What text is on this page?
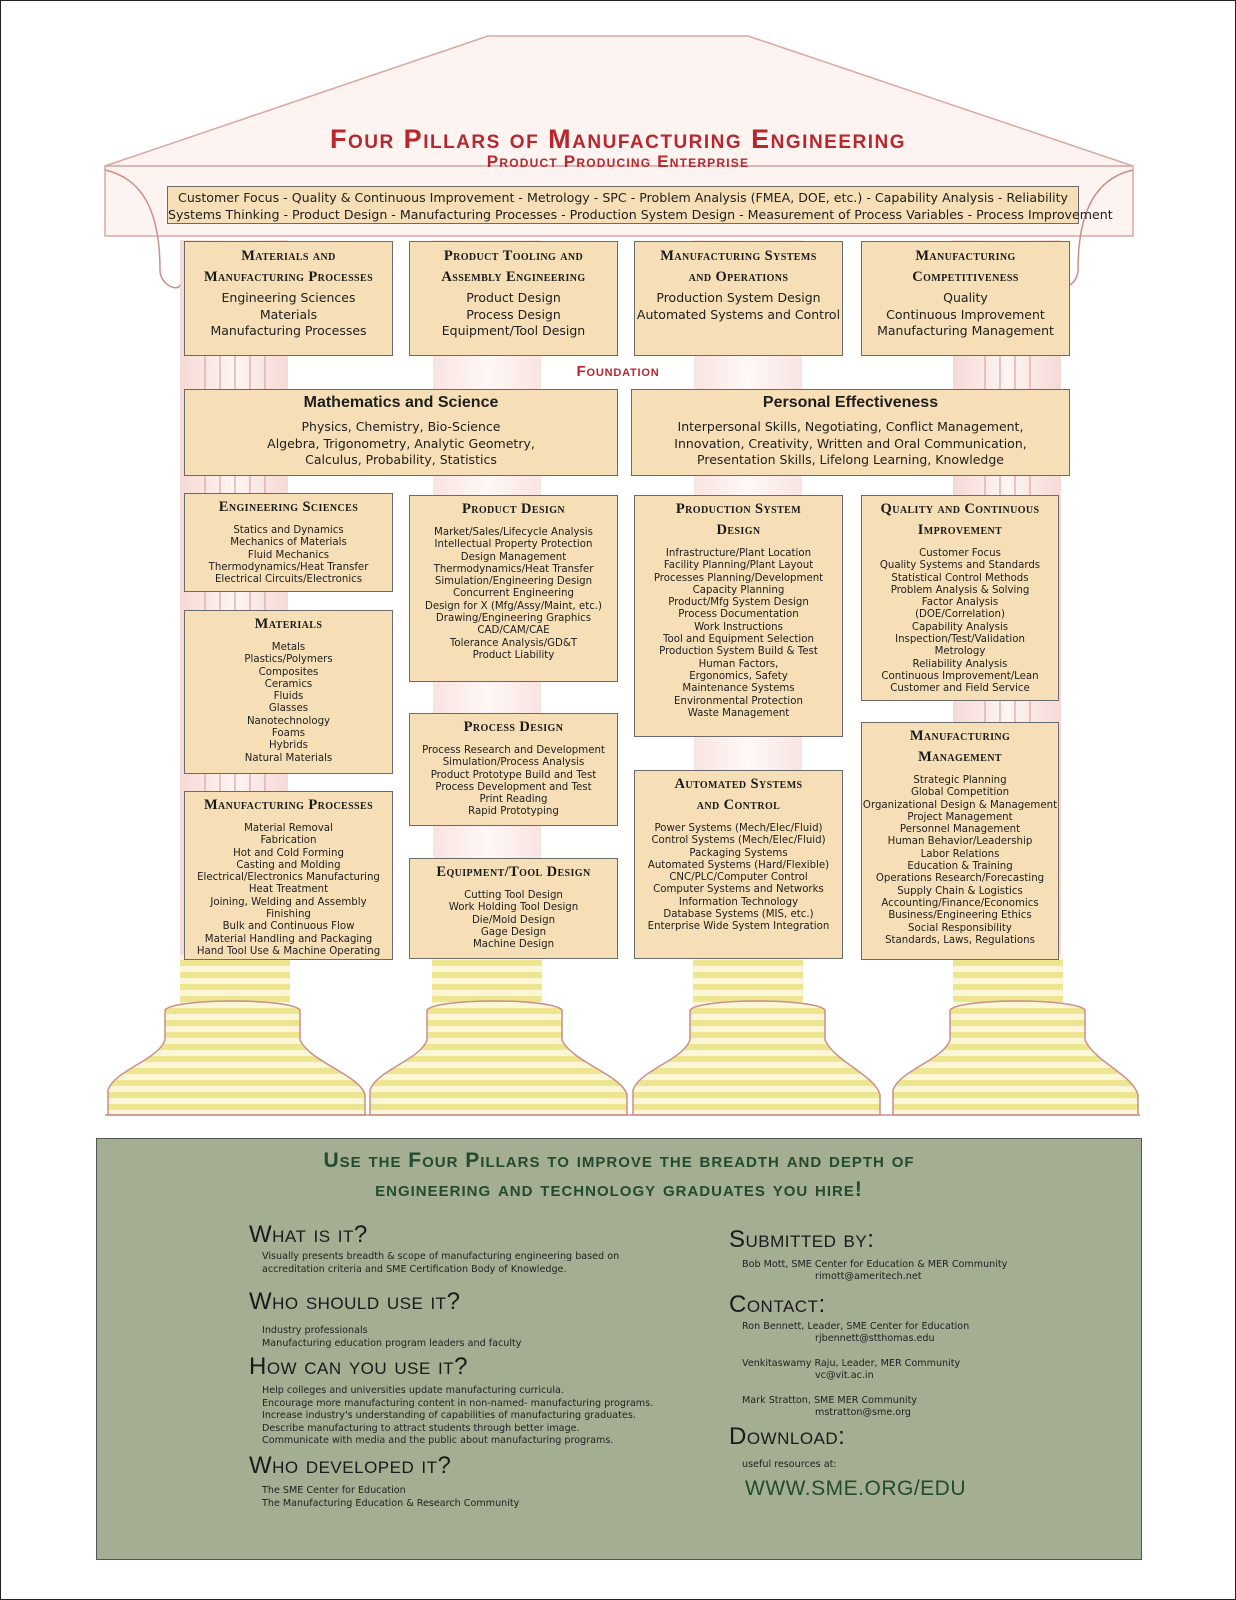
Four Pillars of Manufacturing Engineering
Product Producing Enterprise
Customer Focus - Quality & Continuous Improvement - Metrology - SPC - Problem Analysis (FMEA, DOE, etc.) - Capability Analysis - Reliability
Systems Thinking - Product Design - Manufacturing Processes - Production System Design - Measurement of Process Variables - Process Improvement
Materials and
Manufacturing Processes
Engineering Sciences
Materials
Manufacturing Processes
Product Tooling and
Assembly Engineering
Product Design
Process Design
Equipment/Tool Design
Manufacturing Systems
and Operations
Production System Design
Automated Systems and Control
Manufacturing
Competitiveness
Quality
Continuous Improvement
Manufacturing Management
Foundation
Mathematics and Science
Physics, Chemistry, Bio-Science
Algebra, Trigonometry, Analytic Geometry,
Calculus, Probability, Statistics
Personal Effectiveness
Interpersonal Skills, Negotiating, Conflict Management,
Innovation, Creativity, Written and Oral Communication,
Presentation Skills, Lifelong Learning, Knowledge
Engineering Sciences
Statics and Dynamics
Mechanics of Materials
Fluid Mechanics
Thermodynamics/Heat Transfer
Electrical Circuits/Electronics
Materials
Metals
Plastics/Polymers
Composites
Ceramics
Fluids
Glasses
Nanotechnology
Foams
Hybrids
Natural Materials
Manufacturing Processes
Material Removal
Fabrication
Hot and Cold Forming
Casting and Molding
Electrical/Electronics Manufacturing
Heat Treatment
Joining, Welding and Assembly
Finishing
Bulk and Continuous Flow
Material Handling and Packaging
Hand Tool Use & Machine Operating
Product Design
Market/Sales/Lifecycle Analysis
Intellectual Property Protection
Design Management
Thermodynamics/Heat Transfer
Simulation/Engineering Design
Concurrent Engineering
Design for X (Mfg/Assy/Maint, etc.)
Drawing/Engineering Graphics
CAD/CAM/CAE
Tolerance Analysis/GD&T
Product Liability
Process Design
Process Research and Development
Simulation/Process Analysis
Product Prototype Build and Test
Process Development and Test
Print Reading
Rapid Prototyping
Equipment/Tool Design
Cutting Tool Design
Work Holding Tool Design
Die/Mold Design
Gage Design
Machine Design
Production System
Design
Infrastructure/Plant Location
Facility Planning/Plant Layout
Processes Planning/Development
Capacity Planning
Product/Mfg System Design
Process Documentation
Work Instructions
Tool and Equipment Selection
Production System Build & Test
Human Factors,
Ergonomics, Safety
Maintenance Systems
Environmental Protection
Waste Management
Automated Systems
and Control
Power Systems (Mech/Elec/Fluid)
Control Systems (Mech/Elec/Fluid)
Packaging Systems
Automated Systems (Hard/Flexible)
CNC/PLC/Computer Control
Computer Systems and Networks
Information Technology
Database Systems (MIS, etc.)
Enterprise Wide System Integration
Quality and Continuous
Improvement
Customer Focus
Quality Systems and Standards
Statistical Control Methods
Problem Analysis & Solving
Factor Analysis
(DOE/Correlation)
Capability Analysis
Inspection/Test/Validation
Metrology
Reliability Analysis
Continuous Improvement/Lean
Customer and Field Service
Manufacturing
Management
Strategic Planning
Global Competition
Organizational Design & Management
Project Management
Personnel Management
Human Behavior/Leadership
Labor Relations
Education & Training
Operations Research/Forecasting
Supply Chain & Logistics
Accounting/Finance/Economics
Business/Engineering Ethics
Social Responsibility
Standards, Laws, Regulations
Use the Four Pillars to improve the breadth and depth of
engineering and technology graduates you hire!
What is it?
Visually presents breadth & scope of manufacturing engineering based on
accreditation criteria and SME Certification Body of Knowledge.
Who should use it?
Industry professionals
Manufacturing education program leaders and faculty
How can you use it?
Help colleges and universities update manufacturing curricula.
Encourage more manufacturing content in non-named- manufacturing programs.
Increase industry's understanding of capabilities of manufacturing graduates.
Describe manufacturing to attract students through better image.
Communicate with media and the public about manufacturing programs.
Who developed it?
The SME Center for Education
The Manufacturing Education & Research Community
Submitted by:
Bob Mott, SME Center for Education & MER Community
rimott@ameritech.net
Contact:
Ron Bennett, Leader, SME Center for Education
rjbennett@stthomas.edu
Venkitaswamy Raju, Leader, MER Community
vc@vit.ac.in
Mark Stratton, SME MER Community
mstratton@sme.org
Download:
useful resources at:
WWW.SME.ORG/EDU
